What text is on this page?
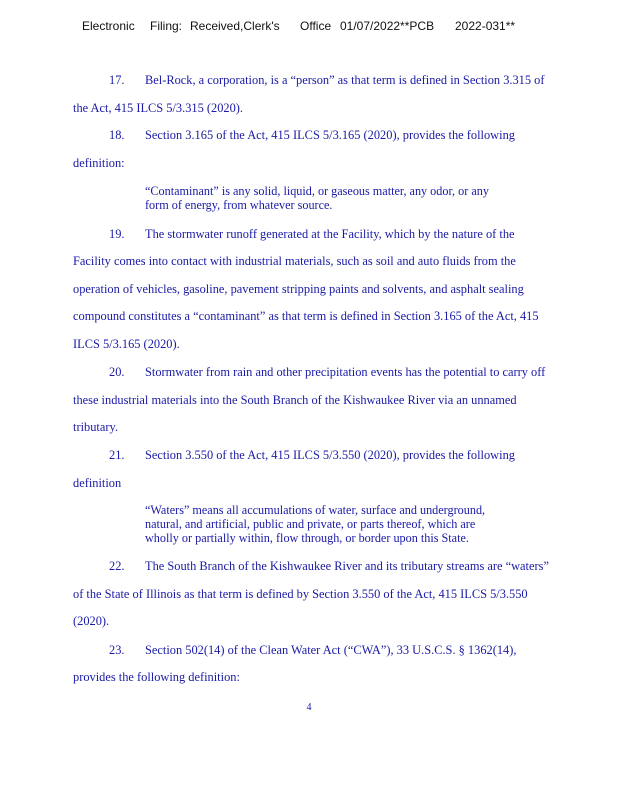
Electronic Filing: Received,Clerk's Office 01/07/2022**PCB 2022-031**
17. Bel-Rock, a corporation, is a “person” as that term is defined in Section 3.315 of
the Act, 415 ILCS 5/3.315 (2020).
18. Section 3.165 of the Act, 415 ILCS 5/3.165 (2020), provides the following
definition:
“Contaminant” is any solid, liquid, or gaseous matter, any odor, or any
form of energy, from whatever source.
19. The stormwater runoff generated at the Facility, which by the nature of the
Facility comes into contact with industrial materials, such as soil and auto fluids from the
operation of vehicles, gasoline, pavement stripping paints and solvents, and asphalt sealing
compound constitutes a “contaminant” as that term is defined in Section 3.165 of the Act, 415
ILCS 5/3.165 (2020).
20. Stormwater from rain and other precipitation events has the potential to carry off
these industrial materials into the South Branch of the Kishwaukee River via an unnamed
tributary.
21. Section 3.550 of the Act, 415 ILCS 5/3.550 (2020), provides the following
definition
“Waters” means all accumulations of water, surface and underground,
natural, and artificial, public and private, or parts thereof, which are
wholly or partially within, flow through, or border upon this State.
22. The South Branch of the Kishwaukee River and its tributary streams are “waters”
of the State of Illinois as that term is defined by Section 3.550 of the Act, 415 ILCS 5/3.550
(2020).
23. Section 502(14) of the Clean Water Act (“CWA”), 33 U.S.C.S. § 1362(14),
provides the following definition:
4
